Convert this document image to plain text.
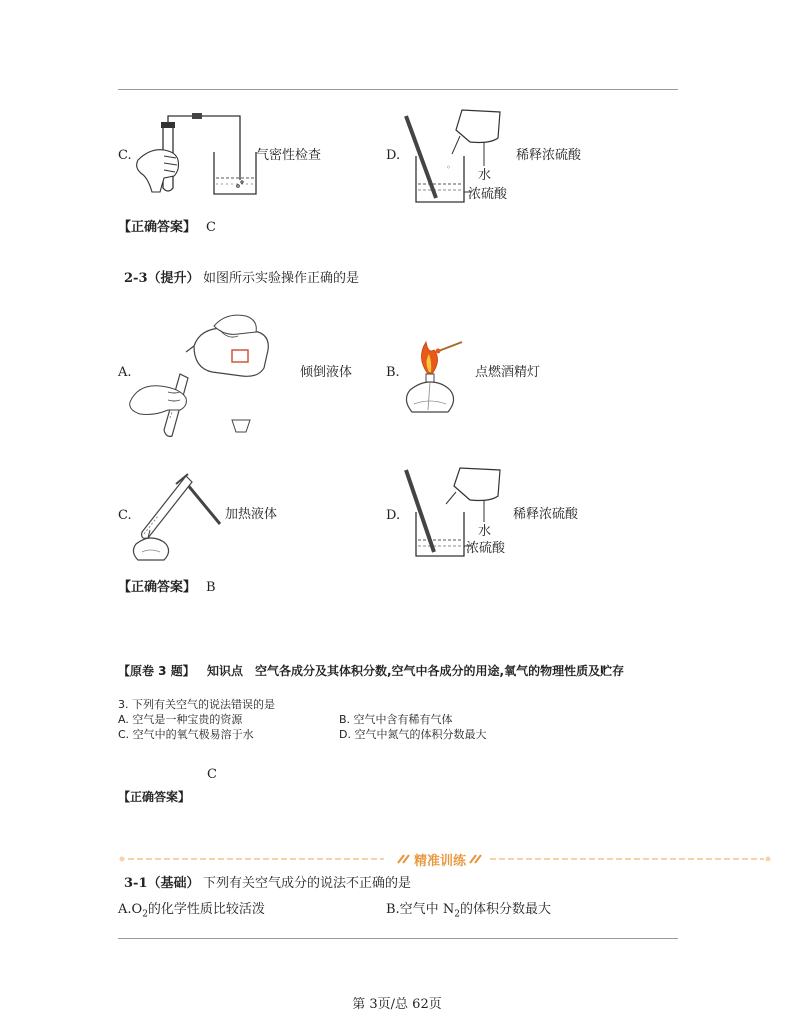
C.	气密性检查	D.
◦
水
浓硫酸
稀释浓硫酸
【正确答案】 C
2-3（提升） 如图所示实验操作正确的是
A.	倾倒液体	B.	点燃酒精灯
C.	加热液体	D.
水
浓硫酸
稀释浓硫酸
【正确答案】 B
【原卷 3 题】 知识点 空气各成分及其体积分数,空气中各成分的用途,氧气的物理性质及贮存
3. 下列有关空气的说法错误的是
A. 空气是一种宝贵的资源	B. 空气中含有稀有气体
C. 空气中的氧气极易溶于水	D. 空气中氮气的体积分数最大
C
【正确答案】
精准训练
3-1（基础） 下列有关空气成分的说法不正确的是
$A.O_2$的化学性质比较活泼	B.空气中 $N_2$的体积分数最大
第 3页/总 62页
